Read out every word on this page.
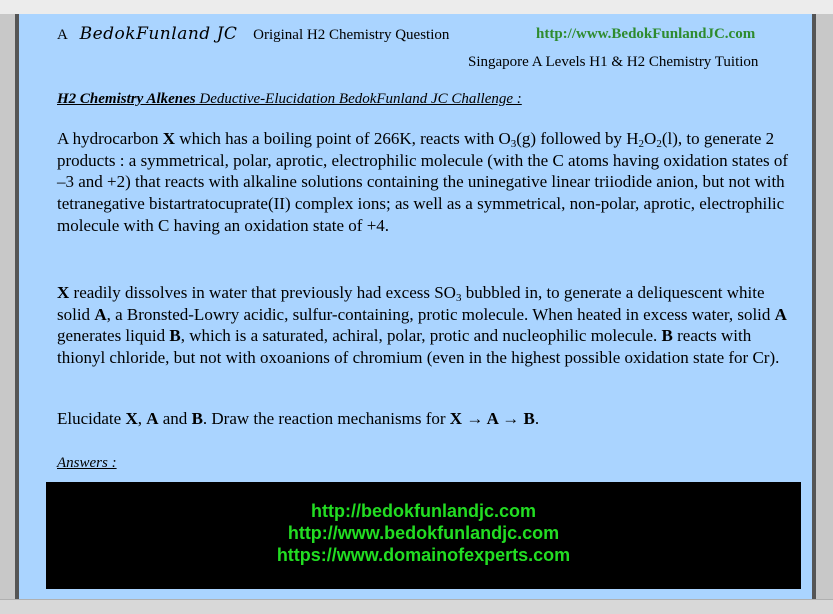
A BedokFunland JC Original H2 Chemistry Question	http://www.BedokFunlandJC.com
Singapore A Levels H1 & H2 Chemistry Tuition
H2 Chemistry Alkenes Deductive-Elucidation BedokFunland JC Challenge :
A hydrocarbon X which has a boiling point of 266K, reacts with $O_3(g)$ followed by $H_2O_2(l)$, to generate 2 products : a symmetrical, polar, aprotic, electrophilic molecule (with the C atoms having oxidation states of –3 and +2) that reacts with alkaline solutions containing the uninegative linear triiodide anion, but not with tetranegative bistartratocuprate(II) complex ions; as well as a symmetrical, non-polar, aprotic, electrophilic molecule with C having an oxidation state of +4.
X readily dissolves in water that previously had excess $SO_3$ bubbled in, to generate a deliquescent white solid A, a Bronsted-Lowry acidic, sulfur-containing, protic molecule. When heated in excess water, solid A generates liquid B, which is a saturated, achiral, polar, protic and nucleophilic molecule. B reacts with thionyl chloride, but not with oxoanions of chromium (even in the highest possible oxidation state for Cr).
Elucidate X, A and B. Draw the reaction mechanisms for X → A → B.
Answers :
http://bedokfunlandjc.com
http://www.bedokfunlandjc.com
https://www.domainofexperts.com
